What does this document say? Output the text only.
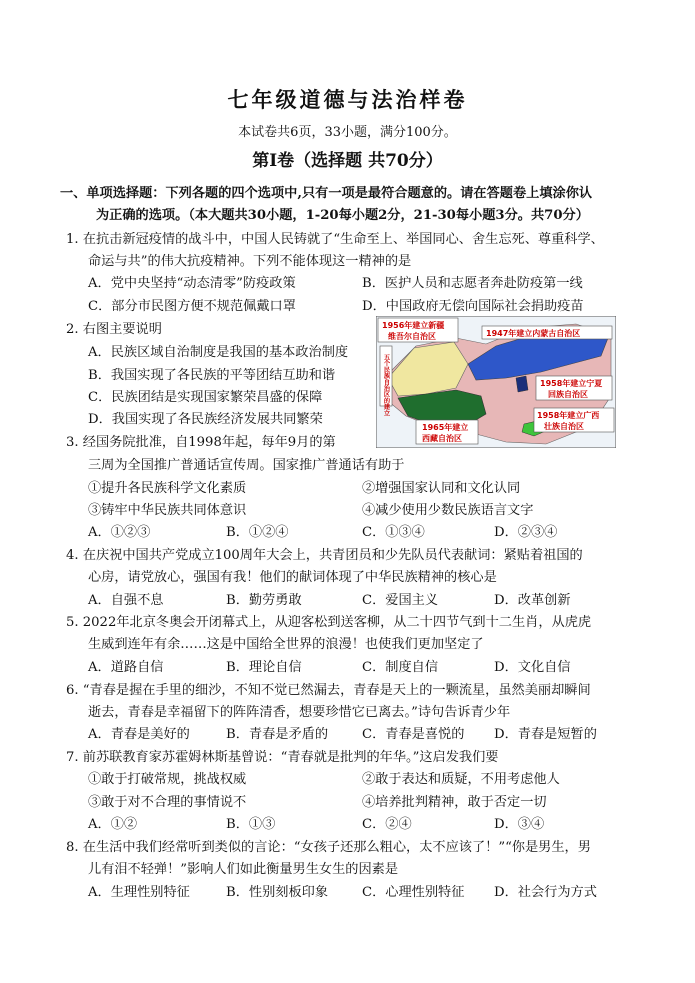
七年级道德与法治样卷
本试卷共6页，33小题，满分100分。
第Ⅰ卷（选择题 共70分）
一、单项选择题：下列各题的四个选项中,只有一项是最符合题意的。请在答题卷上填涂你认
为正确的选项。（本大题共30小题，1-20每小题2分，21-30每小题3分。共70分）
1. 在抗击新冠疫情的战斗中，中国人民铸就了“生命至上、举国同心、舍生忘死、尊重科学、
命运与共”的伟大抗疫精神。下列不能体现这一精神的是
A．党中央坚持“动态清零”防疫政策	B．医护人员和志愿者奔赴防疫第一线
C．部分市民图方便不规范佩戴口罩	D．中国政府无偿向国际社会捐助疫苗
2. 右图主要说明
A．民族区域自治制度是我国的基本政治制度
B．我国实现了各民族的平等团结互助和谐
C．民族团结是实现国家繁荣昌盛的保障
D．我国实现了各民族经济发展共同繁荣
1956年建立新疆
维吾尔自治区	1947年建立内蒙古自治区
1958年建立宁夏
回族自治区
1958年建立广西
壮族自治区
1965年建立
西藏自治区
五个民族自治区的建立
3. 经国务院批准，自1998年起，每年9月的第
三周为全国推广普通话宣传周。国家推广普通话有助于
①提升各民族科学文化素质	②增强国家认同和文化认同
③铸牢中华民族共同体意识	④减少使用少数民族语言文字
A．①②③	B．①②④	C．①③④	D．②③④
4. 在庆祝中国共产党成立100周年大会上，共青团员和少先队员代表献词：紧贴着祖国的
心房，请党放心，强国有我！他们的献词体现了中华民族精神的核心是
A．自强不息	B．勤劳勇敢	C．爱国主义	D．改革创新
5. 2022年北京冬奥会开闭幕式上，从迎客松到送客柳，从二十四节气到十二生肖，从虎虎
生威到连年有余……这是中国给全世界的浪漫！也使我们更加坚定了
A．道路自信	B．理论自信	C．制度自信	D．文化自信
6. “青春是握在手里的细沙，不知不觉已然漏去，青春是天上的一颗流星，虽然美丽却瞬间
逝去，青春是幸福留下的阵阵清香，想要珍惜它已离去。”诗句告诉青少年
A．青春是美好的	B．青春是矛盾的	C．青春是喜悦的 D．青春是短暂的
7. 前苏联教育家苏霍姆林斯基曾说：“青春就是批判的年华。”这启发我们要
①敢于打破常规，挑战权威	②敢于表达和质疑，不用考虑他人
③敢于对不合理的事情说不	④培养批判精神，敢于否定一切
A．①②	B．①③	C．②④	D．③④
8. 在生活中我们经常听到类似的言论：“女孩子还那么粗心，太不应该了！”“你是男生，男
儿有泪不轻弹！”影响人们如此衡量男生女生的因素是
A．生理性别特征	B．性别刻板印象	C．心理性别特征 D．社会行为方式
